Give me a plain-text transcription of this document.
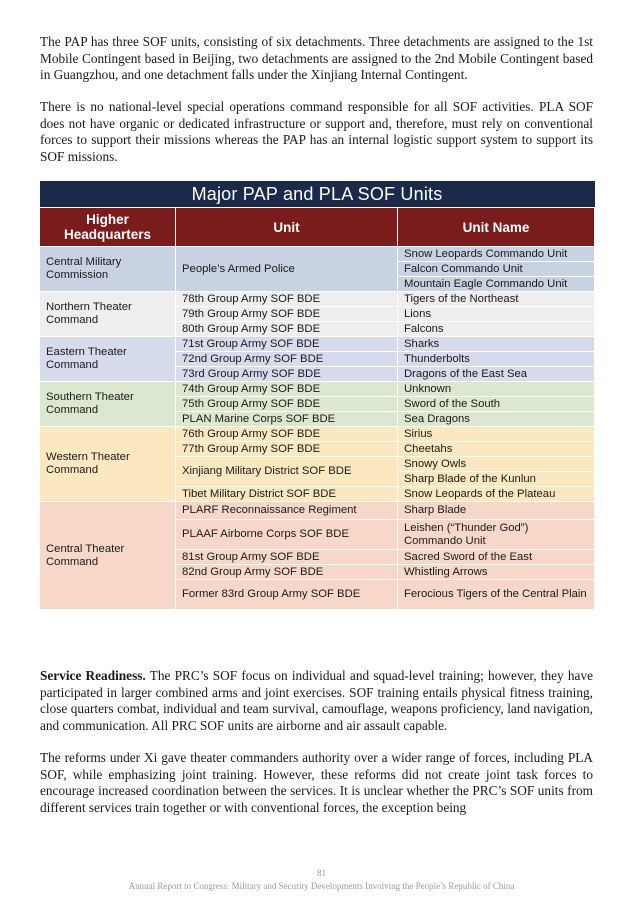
The PAP has three SOF units, consisting of six detachments. Three detachments are assigned to the 1st Mobile Contingent based in Beijing, two detachments are assigned to the 2nd Mobile Contingent based in Guangzhou, and one detachment falls under the Xinjiang Internal Contingent.

There is no national-level special operations command responsible for all SOF activities. PLA SOF does not have organic or dedicated infrastructure or support and, therefore, must rely on conventional forces to support their missions whereas the PAP has an internal logistic support system to support its SOF missions.

Major PAP and PLA SOF Units		
Higher
Headquarters	Unit	Unit Name
Central Military Commission	People’s Armed Police	Snow Leopards Commando Unit
		Falcon Commando Unit
		Mountain Eagle Commando Unit
Northern Theater Command	78th Group Army SOF BDE	Tigers of the Northeast
	79th Group Army SOF BDE	Lions
	80th Group Army SOF BDE	Falcons
Eastern Theater Command	71st Group Army SOF BDE	Sharks
	72nd Group Army SOF BDE	Thunderbolts
	73rd Group Army SOF BDE	Dragons of the East Sea
Southern Theater Command	74th Group Army SOF BDE	Unknown
	75th Group Army SOF BDE	Sword of the South
	PLAN Marine Corps SOF BDE	Sea Dragons
Western Theater Command	76th Group Army SOF BDE	Sirius
	77th Group Army SOF BDE	Cheetahs
	Xinjiang Military District SOF BDE	Snowy Owls
		Sharp Blade of the Kunlun
	Tibet Military District SOF BDE	Snow Leopards of the Plateau
Central Theater Command	PLARF Reconnaissance Regiment	Sharp Blade
	PLAAF Airborne Corps SOF BDE	Leishen (“Thunder God”) Commando Unit
	81st Group Army SOF BDE	Sacred Sword of the East
	82nd Group Army SOF BDE	Whistling Arrows
	Former 83rd Group Army SOF BDE	Ferocious Tigers of the Central Plain

Service Readiness. The PRC’s SOF focus on individual and squad-level training; however, they have participated in larger combined arms and joint exercises. SOF training entails physical fitness training, close quarters combat, individual and team survival, camouflage, weapons proficiency, land navigation, and communication. All PRC SOF units are airborne and air assault capable.

The reforms under Xi gave theater commanders authority over a wider range of forces, including PLA SOF, while emphasizing joint training. However, these reforms did not create joint task forces to encourage increased coordination between the services. It is unclear whether the PRC’s SOF units from different services train together or with conventional forces, the exception being

81
Annual Report to Congress: Military and Security Developments Involving the People’s Republic of China
